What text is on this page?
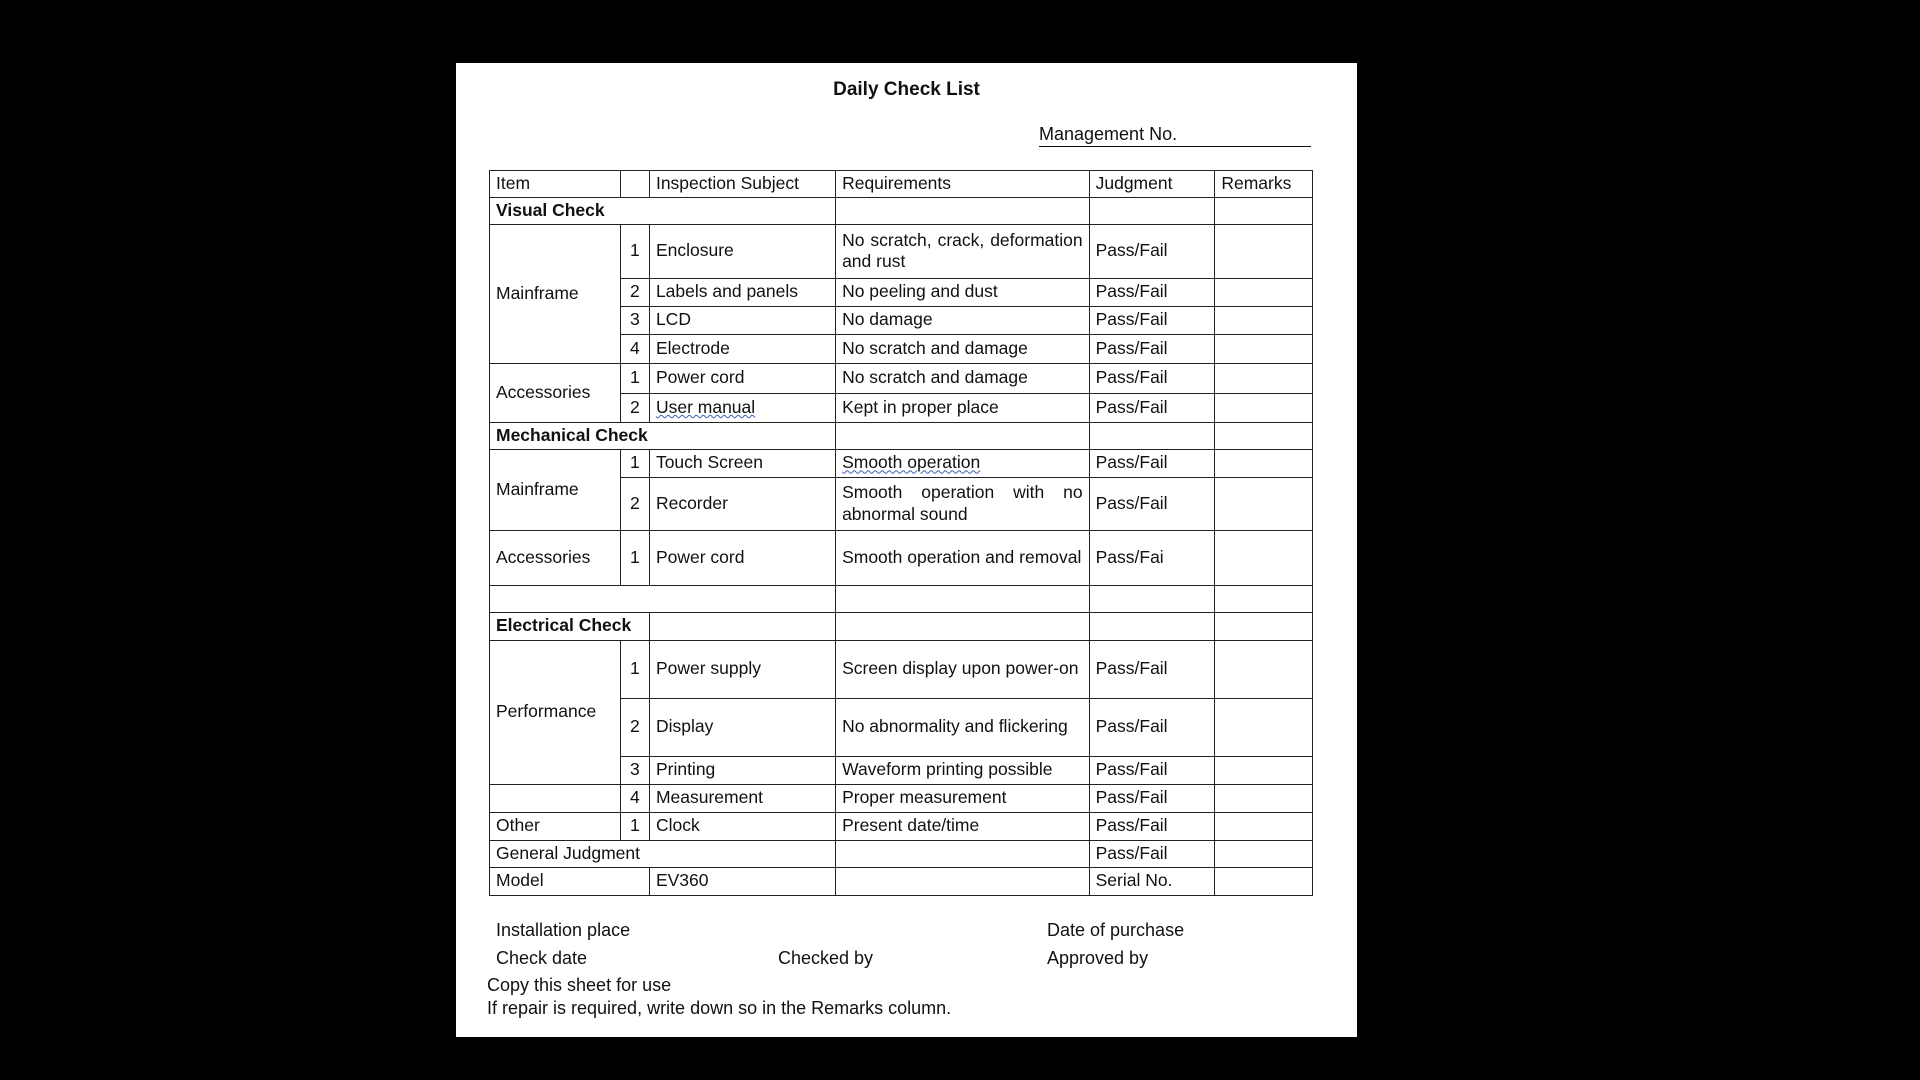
Daily Check List
Management No.
Item		Inspection Subject	Requirements	Judgment	Remarks
Visual Check					
Mainframe	1	Enclosure	No scratch, crack, deformation and rust	Pass/Fail	
	2	Labels and panels	No peeling and dust	Pass/Fail	
	3	LCD	No damage	Pass/Fail	
	4	Electrode	No scratch and damage	Pass/Fail	
Accessories	1	Power cord	No scratch and damage	Pass/Fail	
	2	User manual	Kept in proper place	Pass/Fail	
Mechanical Check					
Mainframe	1	Touch Screen	Smooth operation	Pass/Fail	
	2	Recorder	Smooth operation with no abnormal sound	Pass/Fail	
Accessories	1	Power cord	Smooth operation and removal	Pass/Fai	

Electrical Check					
Performance	1	Power supply	Screen display upon power-on	Pass/Fail	
	2	Display	No abnormality and flickering	Pass/Fail	
	3	Printing	Waveform printing possible	Pass/Fail	
	4	Measurement	Proper measurement	Pass/Fail	
Other	1	Clock	Present date/time	Pass/Fail	
General Judgment				Pass/Fail	
Model		EV360		Serial No.	
Installation place	Date of purchase
Check date	Checked by	Approved by
Copy this sheet for use
If repair is required, write down so in the Remarks column.
